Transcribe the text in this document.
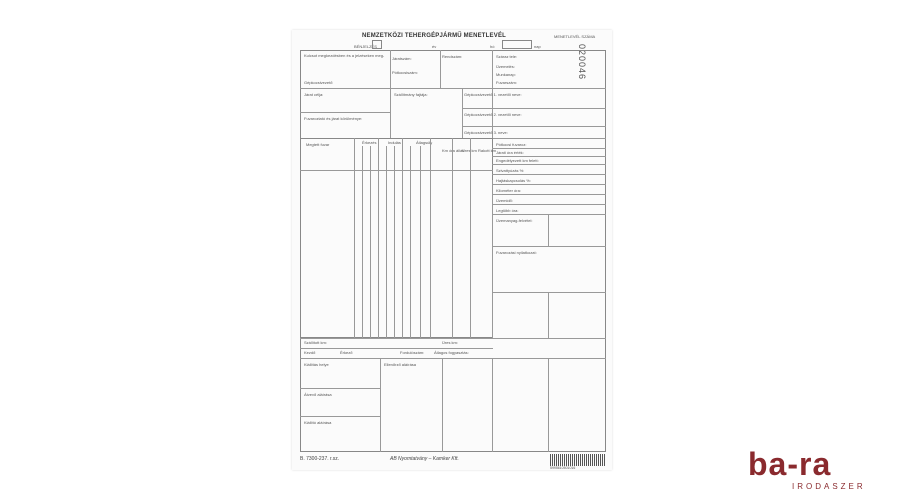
NEMZETKÖZI TEHERGÉPJÁRMŰ MENETLEVÉL	MENETLEVÉL SZÁMA
020046
BÉNJELZÉS	év	hó	nap
Kulcsot megkezdésben és a jelzéseken meg-
Gépkocsivezető
Járatszám:
Pótkocsiszám:
Rendszám:	Száraz tele:
Üzemelés:
Munkanap:
Fuvarszám:
Járat célja:
Fuvaroztató és járat körülménye:
Szállítmány fajtája:	Gépkocsivezető 1. vezetői neve:
Gépkocsivezető 2. vezetői neve:
Gépkocsivezető 3. neve:
Megtett fuvar	Érkezés	Indulás	Átlagsúly
Km óra állás
Üres km Rakott km
Pótkocsi fuvaroz:
Járati óra érték:
Engedélyezett km felett:
Szivattyúzás %:
Hajtáskapcsolás %:
Kilométer óra:
Üzemidő:
Legtöbb óra:
Üzemanyag-felvétel:
Fuvarozási nyilatkozat:
Szállított km:	Üres km:
Kezdő	Érkező	Fordulószám: Átlagos fogyasztás:
Kiállítás helye
Átvevő aláírása
Kiállító aláírása
Ellenőrző aláírása
B. 7300-237. r.sz.	AB Nyomtatvány – Kamker Kft.
5995610501016	ba-ra
IRODASZER
